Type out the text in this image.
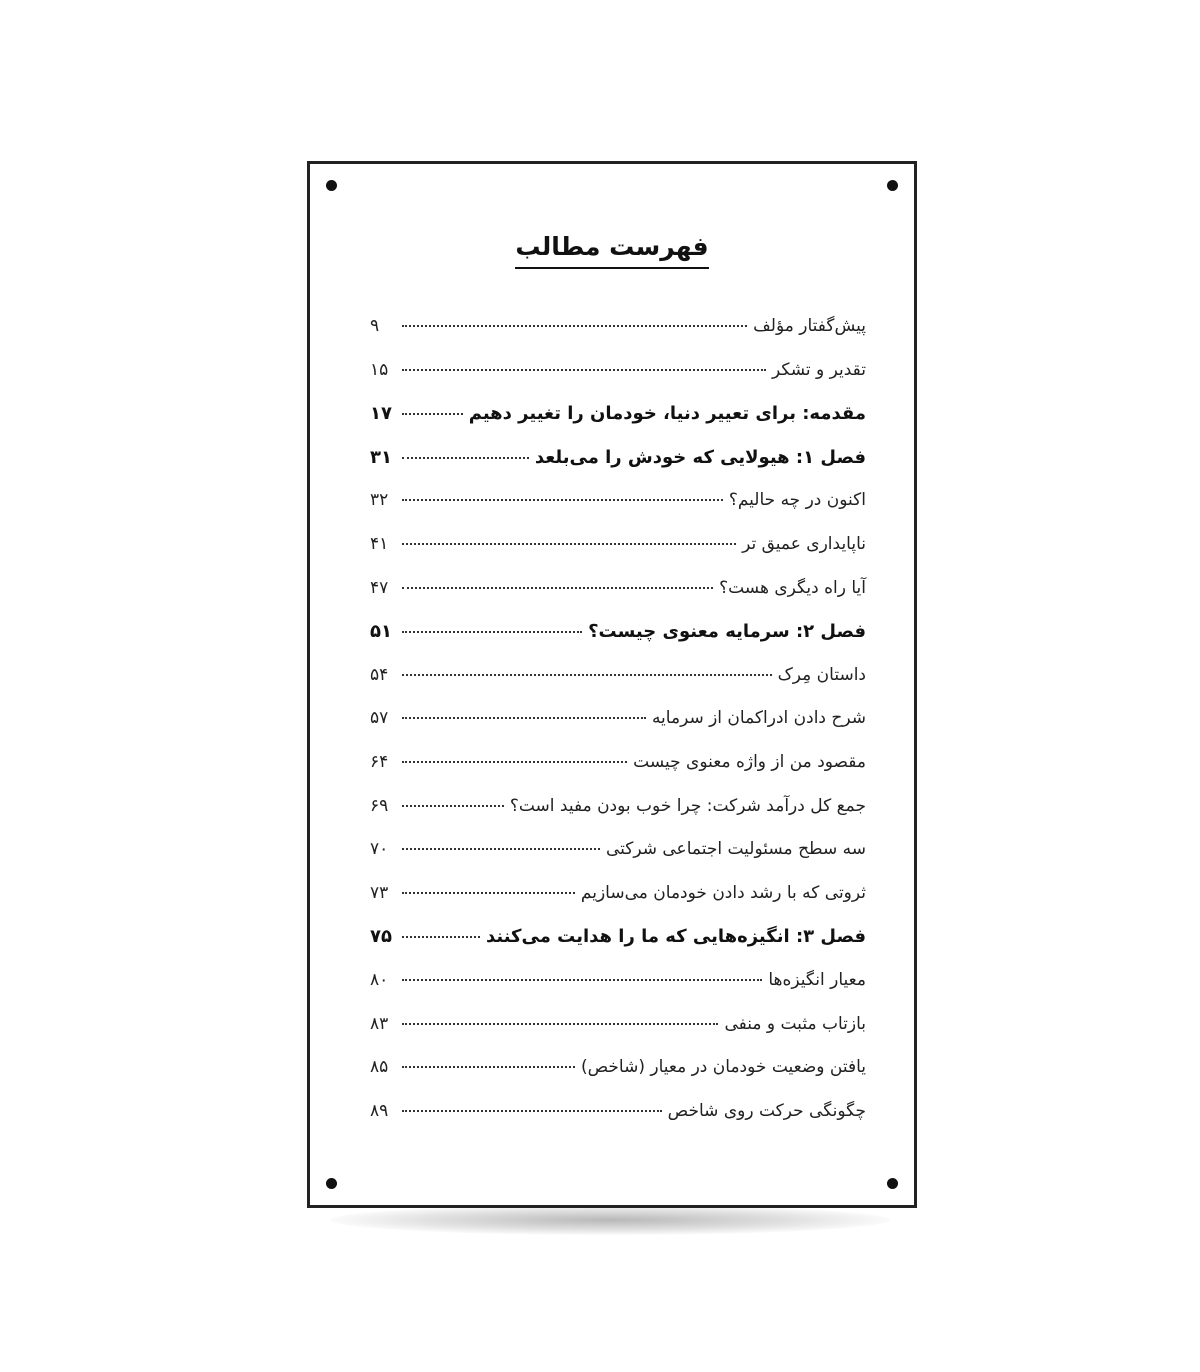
فهرست مطالب
پیش‌گفتار مؤلف
۹
تقدیر و تشکر
۱۵
مقدمه: برای تعییر دنیا، خودمان را تغییر دهیم
۱۷
فصل ۱: هیولایی که خودش را می‌بلعد
۳۱
اکنون در چه حالیم؟
۳۲
ناپایداری عمیق تر
۴۱
آیا راه دیگری هست؟
۴۷
فصل ۲: سرمایه معنوی چیست؟
۵۱
داستان مِرک
۵۴
شرح دادن ادراکمان از سرمایه
۵۷
مقصود من از واژه معنوی چیست
۶۴
جمع کل درآمد شرکت: چرا خوب بودن مفید است؟
۶۹
سه سطح مسئولیت اجتماعی شرکتی
۷۰
ثروتی که با رشد دادن خودمان می‌سازیم
۷۳
فصل ۳: انگیزه‌هایی که ما را هدایت می‌کنند
۷۵
معیار انگیزه‌ها
۸۰
بازتاب مثبت و منفی
۸۳
یافتن وضعیت خودمان در معیار (شاخص)
۸۵
چگونگی حرکت روی شاخص
۸۹
